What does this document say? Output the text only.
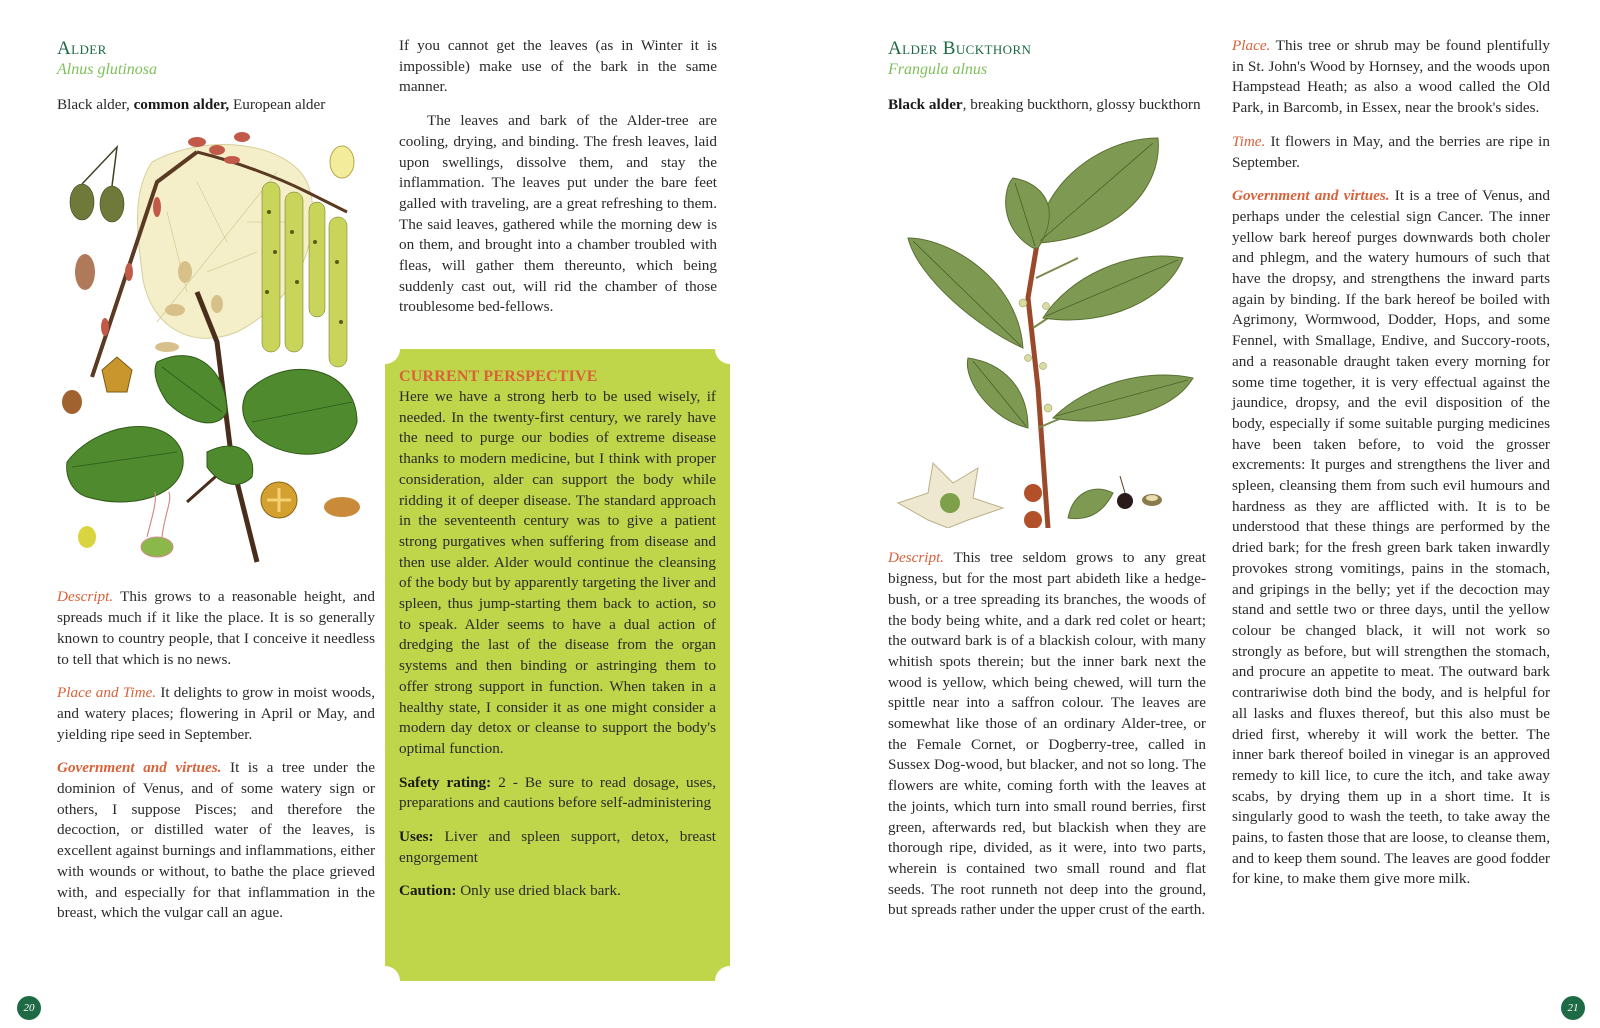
Alder
Alnus glutinosa

Black alder, common alder, European alder

Descript. This grows to a reasonable height, and spreads much if it like the place. It is so generally known to country people, that I conceive it needless to tell that which is no news.

Place and Time. It delights to grow in moist woods, and watery places; flowering in April or May, and yielding ripe seed in September.

Government and virtues. It is a tree under the dominion of Venus, and of some watery sign or others, I suppose Pisces; and therefore the decoction, or distilled water of the leaves, is excellent against burnings and inflammations, either with wounds or without, to bathe the place grieved with, and especially for that inflammation in the breast, which the vulgar call an ague.

If you cannot get the leaves (as in Winter it is impossible) make use of the bark in the same manner.

The leaves and bark of the Alder-tree are cooling, drying, and binding. The fresh leaves, laid upon swellings, dissolve them, and stay the inflammation. The leaves put under the bare feet galled with traveling, are a great refreshing to them. The said leaves, gathered while the morning dew is on them, and brought into a chamber troubled with fleas, will gather them thereunto, which being suddenly cast out, will rid the chamber of those troublesome bed-fellows.

CURRENT PERSPECTIVE

Here we have a strong herb to be used wisely, if needed. In the twenty-first century, we rarely have the need to purge our bodies of extreme disease thanks to modern medicine, but I think with proper consideration, alder can support the body while ridding it of deeper disease. The standard approach in the seventeenth century was to give a patient strong purgatives when suffering from disease and then use alder. Alder would continue the cleansing of the body but by apparently targeting the liver and spleen, thus jump-starting them back to action, so to speak. Alder seems to have a dual action of dredging the last of the disease from the organ systems and then binding or astringing them to offer strong support in function. When taken in a healthy state, I consider it as one might consider a modern day detox or cleanse to support the body's optimal function.

Safety rating: 2 - Be sure to read dosage, uses, preparations and cautions before self-administering

Uses: Liver and spleen support, detox, breast engorgement

Caution: Only use dried black bark.

20
Alder Buckthorn
Frangula alnus

Black alder, breaking buckthorn, glossy buckthorn

Descript. This tree seldom grows to any great bigness, but for the most part abideth like a hedge-bush, or a tree spreading its branches, the woods of the body being white, and a dark red colet or heart; the outward bark is of a blackish colour, with many whitish spots therein; but the inner bark next the wood is yellow, which being chewed, will turn the spittle near into a saffron colour. The leaves are somewhat like those of an ordinary Alder-tree, or the Female Cornet, or Dogberry-tree, called in Sussex Dog-wood, but blacker, and not so long. The flowers are white, coming forth with the leaves at the joints, which turn into small round berries, first green, afterwards red, but blackish when they are thorough ripe, divided, as it were, into two parts, wherein is contained two small round and flat seeds. The root runneth not deep into the ground, but spreads rather under the upper crust of the earth.

Place. This tree or shrub may be found plentifully in St. John's Wood by Hornsey, and the woods upon Hampstead Heath; as also a wood called the Old Park, in Barcomb, in Essex, near the brook's sides.

Time. It flowers in May, and the berries are ripe in September.

Government and virtues. It is a tree of Venus, and perhaps under the celestial sign Cancer. The inner yellow bark hereof purges downwards both choler and phlegm, and the watery humours of such that have the dropsy, and strengthens the inward parts again by binding. If the bark hereof be boiled with Agrimony, Wormwood, Dodder, Hops, and some Fennel, with Smallage, Endive, and Succory-roots, and a reasonable draught taken every morning for some time together, it is very effectual against the jaundice, dropsy, and the evil disposition of the body, especially if some suitable purging medicines have been taken before, to void the grosser excrements: It purges and strengthens the liver and spleen, cleansing them from such evil humours and hardness as they are afflicted with. It is to be understood that these things are performed by the dried bark; for the fresh green bark taken inwardly provokes strong vomitings, pains in the stomach, and gripings in the belly; yet if the decoction may stand and settle two or three days, until the yellow colour be changed black, it will not work so strongly as before, but will strengthen the stomach, and procure an appetite to meat. The outward bark contrariwise doth bind the body, and is helpful for all lasks and fluxes thereof, but this also must be dried first, whereby it will work the better. The inner bark thereof boiled in vinegar is an approved remedy to kill lice, to cure the itch, and take away scabs, by drying them up in a short time. It is singularly good to wash the teeth, to take away the pains, to fasten those that are loose, to cleanse them, and to keep them sound. The leaves are good fodder for kine, to make them give more milk.

21
